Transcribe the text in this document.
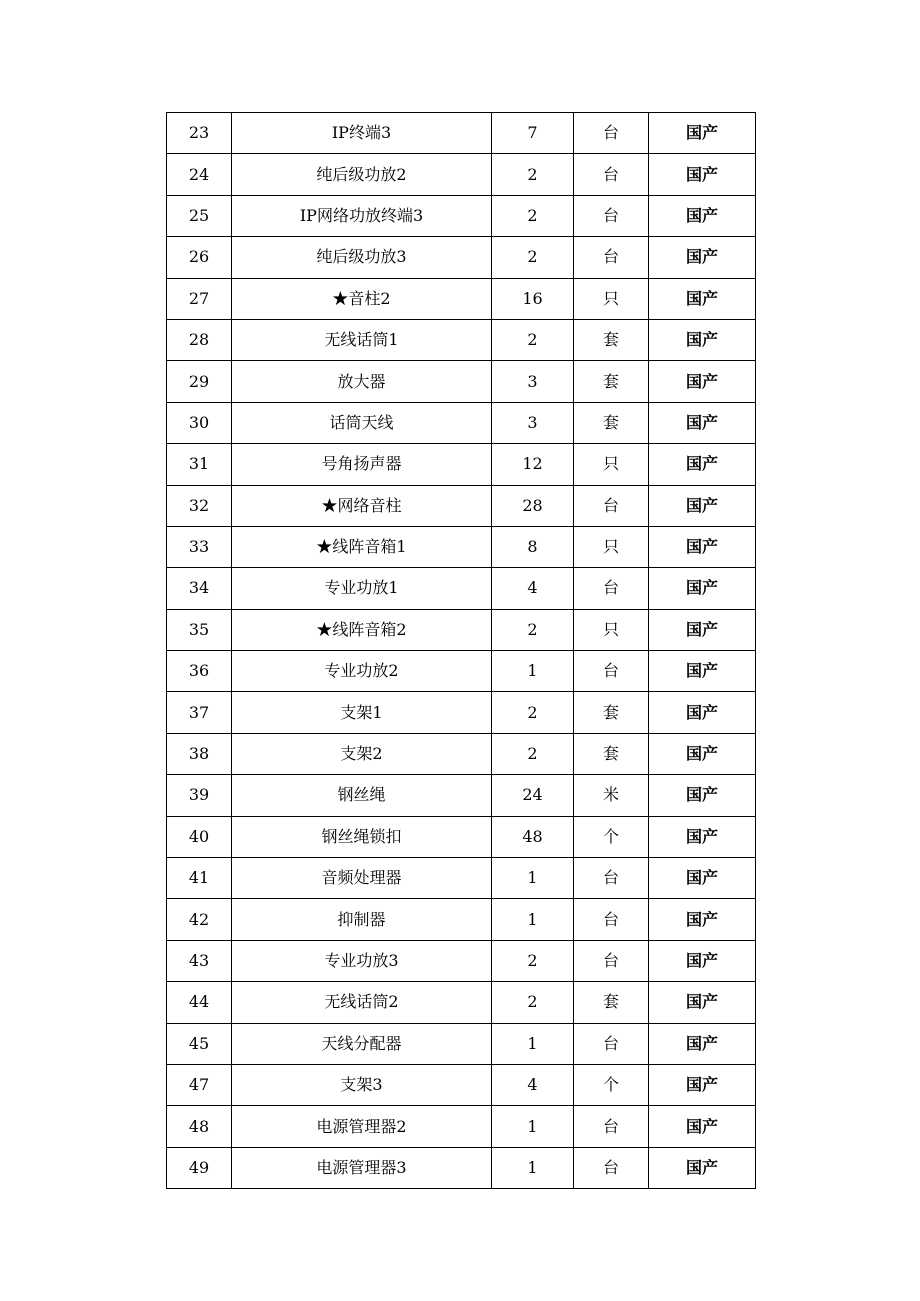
23	IP终端3	7	台	国产
24	纯后级功放2	2	台	国产
25	IP网络功放终端3	2	台	国产
26	纯后级功放3	2	台	国产
27	★音柱2	16	只	国产
28	无线话筒1	2	套	国产
29	放大器	3	套	国产
30	话筒天线	3	套	国产
31	号角扬声器	12	只	国产
32	★网络音柱	28	台	国产
33	★线阵音箱1	8	只	国产
34	专业功放1	4	台	国产
35	★线阵音箱2	2	只	国产
36	专业功放2	1	台	国产
37	支架1	2	套	国产
38	支架2	2	套	国产
39	钢丝绳	24	米	国产
40	钢丝绳锁扣	48	个	国产
41	音频处理器	1	台	国产
42	抑制器	1	台	国产
43	专业功放3	2	台	国产
44	无线话筒2	2	套	国产
45	天线分配器	1	台	国产
47	支架3	4	个	国产
48	电源管理器2	1	台	国产
49	电源管理器3	1	台	国产
